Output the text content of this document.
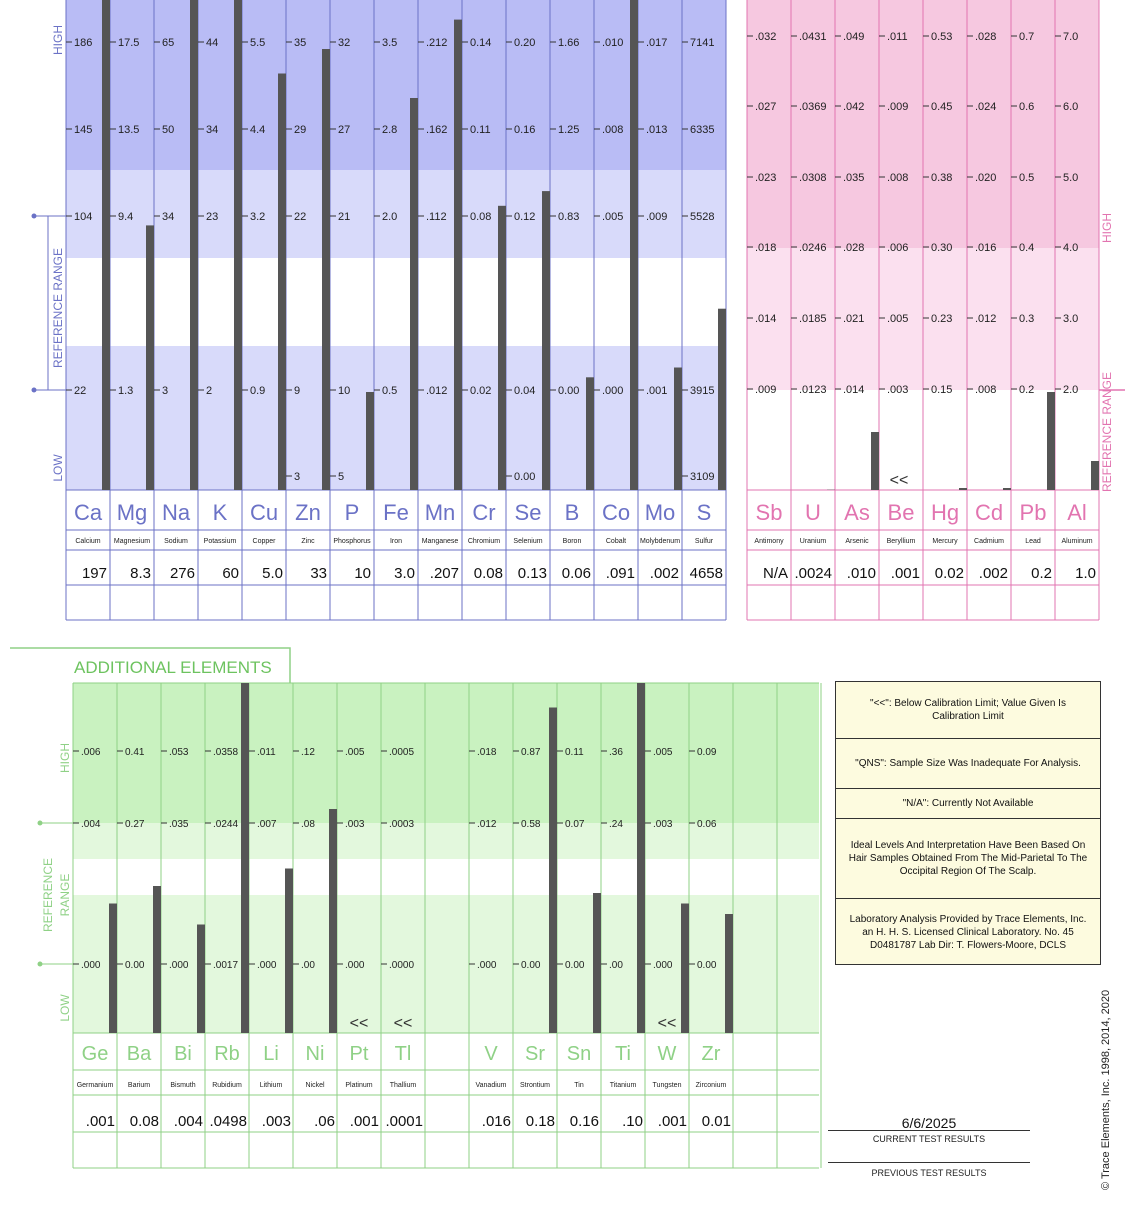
HIGH
REFERENCE RANGE
LOW
186
145
104
22
Ca
Calcium
197
17.5
13.5
9.4
1.3
Mg
Magnesium
8.3
65
50
34
3
Na
Sodium
276
44
34
23
2
K
Potassium
60
5.5
4.4
3.2
0.9
Cu
Copper
5.0
35
29
22
9
3
Zn
Zinc
33
32
27
21
10
5
P
Phosphorus
10
3.5
2.8
2.0
0.5
Fe
Iron
3.0
.212
.162
.112
.012
Mn
Manganese
.207
0.14
0.11
0.08
0.02
Cr
Chromium
0.08
0.20
0.16
0.12
0.04
0.00
Se
Selenium
0.13
1.66
1.25
0.83
0.00
B
Boron
0.06
.010
.008
.005
.000
Co
Cobalt
.091
.017
.013
.009
.001
Mo
Molybdenum
.002
7141
6335
5528
3915
3109
S
Sulfur
4658
HIGH
REFERENCE RANGE
.032
.027
.023
.018
.014
.009
Sb
Antimony
N/A
.0431
.0369
.0308
.0246
.0185
.0123
U
Uranium
.0024
.049
.042
.035
.028
.021
.014
As
Arsenic
.010
<<
.011
.009
.008
.006
.005
.003
Be
Beryllium
.001
0.53
0.45
0.38
0.30
0.23
0.15
Hg
Mercury
0.02
.028
.024
.020
.016
.012
.008
Cd
Cadmium
.002
0.7
0.6
0.5
0.4
0.3
0.2
Pb
Lead
0.2
7.0
6.0
5.0
4.0
3.0
2.0
Al
Aluminum
1.0
ADDITIONAL ELEMENTS
HIGH
REFERENCE RANGE
LOW
.006
.004
.000
Ge
Germanium
.001
0.41
0.27
0.00
Ba
Barium
0.08
.053
.035
.000
Bi
Bismuth
.004
.0358
.0244
.0017
Rb
Rubidium
.0498
.011
.007
.000
Li
Lithium
.003
.12
.08
.00
Ni
Nickel
.06
<<
.005
.003
.000
Pt
Platinum
.001
<<
.0005
.0003
.0000
Tl
Thallium
.0001
.018
.012
.000
V
Vanadium
.016
0.87
0.58
0.00
Sr
Strontium
0.18
0.11
0.07
0.00
Sn
Tin
0.16
.36
.24
.00
Ti
Titanium
.10
<<
.005
.003
.000
W
Tungsten
.001
0.09
0.06
0.00
Zr
Zirconium
0.01
"<<": Below Calibration Limit; Value Given Is Calibration Limit
"QNS": Sample Size Was Inadequate For Analysis.
"N/A": Currently Not Available
Ideal Levels And Interpretation Have Been Based On Hair Samples Obtained From The Mid-Parietal To The Occipital Region Of The Scalp.
Laboratory Analysis Provided by Trace Elements, Inc. an H. H. S. Licensed Clinical Laboratory. No. 45 D0481787 Lab Dir: T. Flowers-Moore, DCLS
6/6/2025
CURRENT TEST RESULTS
PREVIOUS TEST RESULTS	© Trace Elements, Inc. 1998, 2014, 2020
